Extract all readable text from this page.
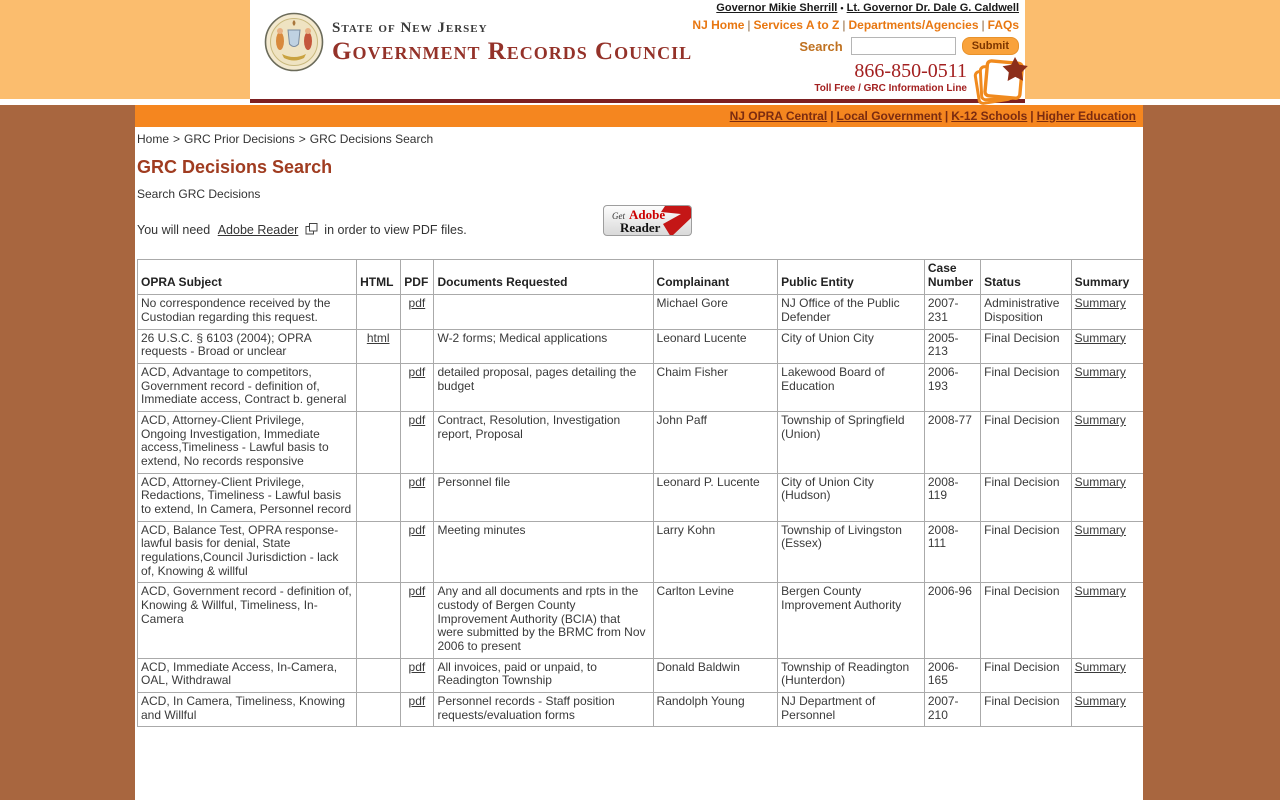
State of New Jersey
Government Records Council
Governor Mikie Sherrill • Lt. Governor Dr. Dale G. Caldwell
NJ Home | Services A to Z | Departments/Agencies | FAQs
Search	Submit
866-850-0511
Toll Free / GRC Information Line
NJ OPRA Central | Local Government | K-12 Schools | Higher Education
Home > GRC Prior Decisions > GRC Decisions Search
GRC Decisions Search
Search GRC Decisions
You will need Adobe Reader in order to view PDF files.
Get Adobe
Reader
OPRA Subject	HTML	PDF	Documents Requested	Complainant	Public Entity	Case Number	Status	Summary
No correspondence received by the Custodian regarding this request.		pdf		Michael Gore	NJ Office of the Public Defender	2007-231	Administrative Disposition	Summary
26 U.S.C. § 6103 (2004); OPRA requests - Broad or unclear	html		W-2 forms; Medical applications	Leonard Lucente	City of Union City	2005-213	Final Decision	Summary
ACD, Advantage to competitors, Government record - definition of, Immediate access, Contract b. general		pdf	detailed proposal, pages detailing the budget	Chaim Fisher	Lakewood Board of Education	2006-193	Final Decision	Summary
ACD, Attorney-Client Privilege, Ongoing Investigation, Immediate access,Timeliness - Lawful basis to extend, No records responsive		pdf	Contract, Resolution, Investigation report, Proposal	John Paff	Township of Springfield (Union)	2008-77	Final Decision	Summary
ACD, Attorney-Client Privilege, Redactions, Timeliness - Lawful basis to extend, In Camera, Personnel record		pdf	Personnel file	Leonard P. Lucente	City of Union City (Hudson)	2008-119	Final Decision	Summary
ACD, Balance Test, OPRA response-lawful basis for denial, State regulations,Council Jurisdiction - lack of, Knowing & willful		pdf	Meeting minutes	Larry Kohn	Township of Livingston (Essex)	2008-111	Final Decision	Summary
ACD, Government record - definition of, Knowing & Willful, Timeliness, In-Camera		pdf	Any and all documents and rpts in the custody of Bergen County Improvement Authority (BCIA) that were submitted by the BRMC from Nov 2006 to present	Carlton Levine	Bergen County Improvement Authority	2006-96	Final Decision	Summary
ACD, Immediate Access, In-Camera, OAL, Withdrawal		pdf	All invoices, paid or unpaid, to Readington Township	Donald Baldwin	Township of Readington (Hunterdon)	2006-165	Final Decision	Summary
ACD, In Camera, Timeliness, Knowing and Willful		pdf	Personnel records - Staff position requests/evaluation forms	Randolph Young	NJ Department of Personnel	2007-210	Final Decision	Summary
